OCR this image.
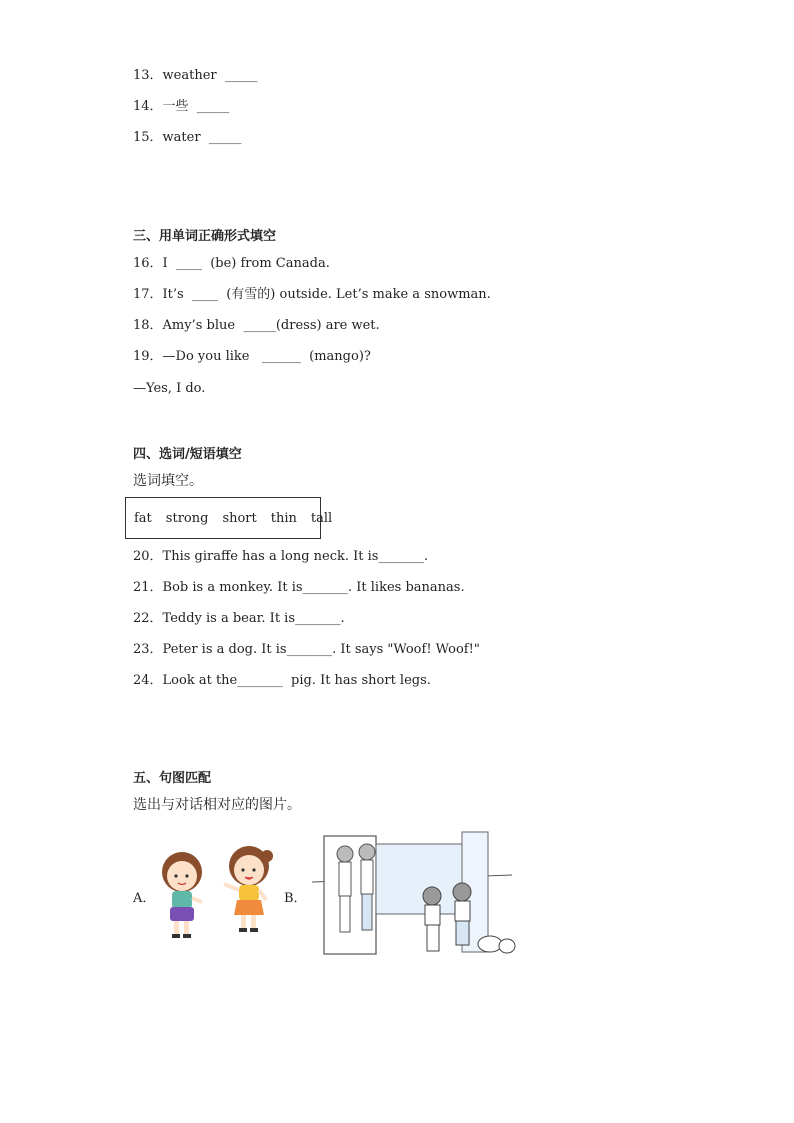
13．weather  _____
14．一些  _____
15．water  _____
三、用单词正确形式填空
16．I  ____  (be) from Canada.
17．It’s  ____  (有雪的) outside. Let’s make a snowman.
18．Amy’s blue  _____(dress) are wet.
19．—Do you like   ______  (mango)?
—Yes, I do.
四、选词/短语填空
选词填空。
fat strong short thin tall
20．This giraffe has a long neck. It is_______.
21．Bob is a monkey. It is_______. It likes bananas.
22．Teddy is a bear. It is_______.
23．Peter is a dog. It is_______. It says "Woof! Woof!"
24．Look at the_______  pig. It has short legs.
五、句图匹配
选出与对话相对应的图片。
A．	B．
